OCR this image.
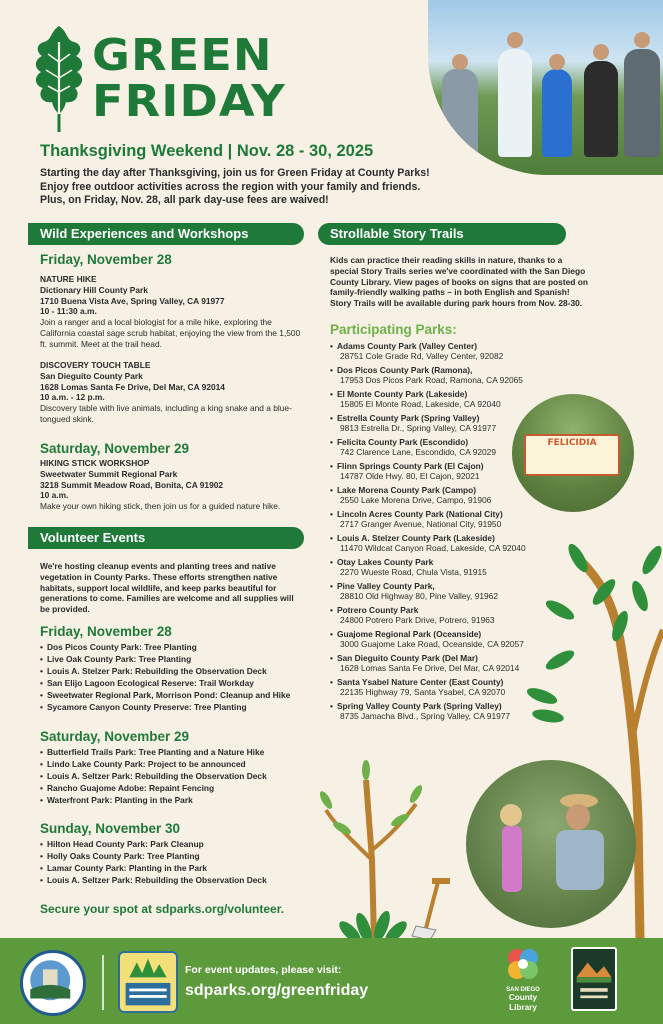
GREEN
FRIDAY
Thanksgiving Weekend | Nov. 28 - 30, 2025
Starting the day after Thanksgiving, join us for Green Friday at County Parks! Enjoy free outdoor activities across the region with your family and friends. Plus, on Friday, Nov. 28, all park day-use fees are waived!
Wild Experiences and Workshops
Friday, November 28
NATURE HIKE
Dictionary Hill County Park
1710 Buena Vista Ave, Spring Valley, CA 91977
10 - 11:30 a.m.
Join a ranger and a local biologist for a mile hike, exploring the California coastal sage scrub habitat, enjoying the view from the 1,500 ft. summit. Meet at the trail head.
DISCOVERY TOUCH TABLE
San Dieguito County Park
1628 Lomas Santa Fe Drive, Del Mar, CA 92014
10 a.m. - 12 p.m.
Discovery table with live animals, including a king snake and a blue-tongued skink.
Saturday, November 29
HIKING STICK WORKSHOP
Sweetwater Summit Regional Park
3218 Summit Meadow Road, Bonita, CA 91902
10 a.m.
Make your own hiking stick, then join us for a guided nature hike.
Volunteer Events
We're hosting cleanup events and planting trees and native vegetation in County Parks. These efforts strengthen native habitats, support local wildlife, and keep parks beautiful for generations to come. Families are welcome and all supplies will be provided.
Friday, November 28
• Dos Picos County Park: Tree Planting
• Live Oak County Park: Tree Planting
• Louis A. Stelzer Park: Rebuilding the Observation Deck
• San Elijo Lagoon Ecological Reserve: Trail Workday
• Sweetwater Regional Park, Morrison Pond: Cleanup and Hike
• Sycamore Canyon County Preserve: Tree Planting
Saturday, November 29
• Butterfield Trails Park: Tree Planting and a Nature Hike
• Lindo Lake County Park: Project to be announced
• Louis A. Seltzer Park: Rebuilding the Observation Deck
• Rancho Guajome Adobe: Repaint Fencing
• Waterfront Park: Planting in the Park
Sunday, November 30
• Hilton Head County Park: Park Cleanup
• Holly Oaks County Park: Tree Planting
• Lamar County Park: Planting in the Park
• Louis A. Seltzer Park: Rebuilding the Observation Deck
Secure your spot at sdparks.org/volunteer.
Strollable Story Trails
Kids can practice their reading skills in nature, thanks to a special Story Trails series we've coordinated with the San Diego County Library. View pages of books on signs that are posted on family-friendly walking paths – in both English and Spanish! Story Trails will be available during park hours from Nov. 28-30.
Participating Parks:
• Adams County Park (Valley Center)
28751 Cole Grade Rd, Valley Center, 92082
• Dos Picos County Park (Ramona),
17953 Dos Picos Park Road, Ramona, CA 92065
• El Monte County Park (Lakeside)
15805 El Monte Road, Lakeside, CA 92040
• Estrella County Park (Spring Valley)
9813 Estrella Dr., Spring Valley, CA 91977
• Felicita County Park (Escondido)
742 Clarence Lane, Escondido, CA 92029
• Flinn Springs County Park (El Cajon)
14787 Olde Hwy. 80, El Cajon, 92021
• Lake Morena County Park (Campo)
2550 Lake Morena Drive, Campo, 91906
• Lincoln Acres County Park (National City)
2717 Granger Avenue, National City, 91950
• Louis A. Stelzer County Park (Lakeside)
11470 Wildcat Canyon Road, Lakeside, CA 92040
• Otay Lakes County Park
2270 Wueste Road, Chula Vista, 91915
• Pine Valley County Park,
28810 Old Highway 80, Pine Valley, 91962
• Potrero County Park
24800 Potrero Park Drive, Potrero, 91963
• Guajome Regional Park (Oceanside)
3000 Guajome Lake Road, Oceanside, CA 92057
• San Dieguito County Park (Del Mar)
1628 Lomas Santa Fe Drive, Del Mar, CA 92014
• Santa Ysabel Nature Center (East County)
22135 Highway 79, Santa Ysabel, CA 92070
• Spring Valley County Park (Spring Valley)
8735 Jamacha Blvd., Spring Valley, CA 91977
FELICIDIA
For event updates, please visit:
sdparks.org/greenfriday	SAN DIEGO
County Library
